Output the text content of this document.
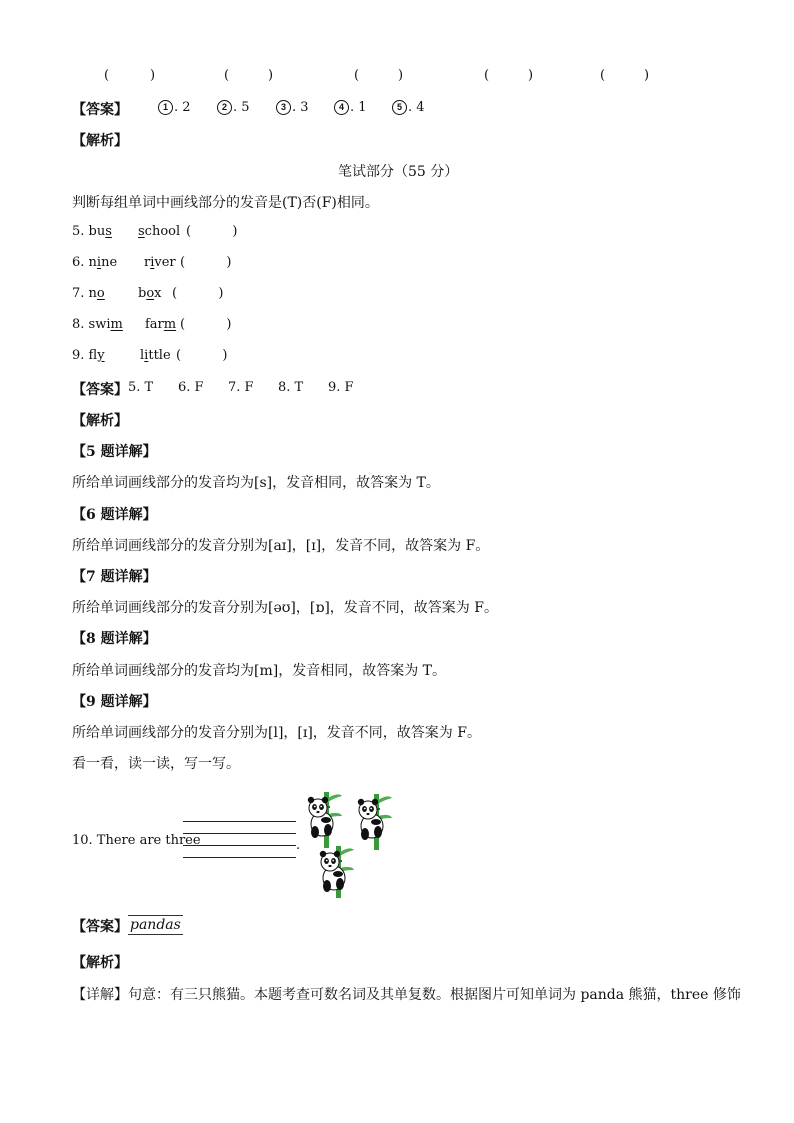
(	)	(	)	(	)	(	)	(	)
【答案】	1 . 2	2 . 5	3 . 3	4 . 1	5 . 4
【解析】
笔试部分（55 分）
判断每组单词中画线部分的发音是(T)否(F)相同。
5. bus school (          )
6. nine river (          )
7. no	box (          )
8. swim farm (          )
9. fly	little (          )
【答案】 5. T 6. F 7. F 8. T 9. F
【解析】
【5 题详解】
所给单词画线部分的发音均为[s]，发音相同，故答案为 T。
【6 题详解】
所给单词画线部分的发音分别为[aɪ]，[ɪ]，发音不同，故答案为 F。
【7 题详解】
所给单词画线部分的发音分别为[əʊ]，[ɒ]，发音不同，故答案为 F。
【8 题详解】
所给单词画线部分的发音均为[m]，发音相同，故答案为 T。
【9 题详解】
所给单词画线部分的发音分别为[l]，[ɪ]，发音不同，故答案为 F。
看一看，读一读，写一写。
10. There are three	.
【答案】 pandas
【解析】
【详解】句意：有三只熊猫。本题考查可数名词及其单复数。根据图片可知单词为 panda 熊猫，three 修饰
